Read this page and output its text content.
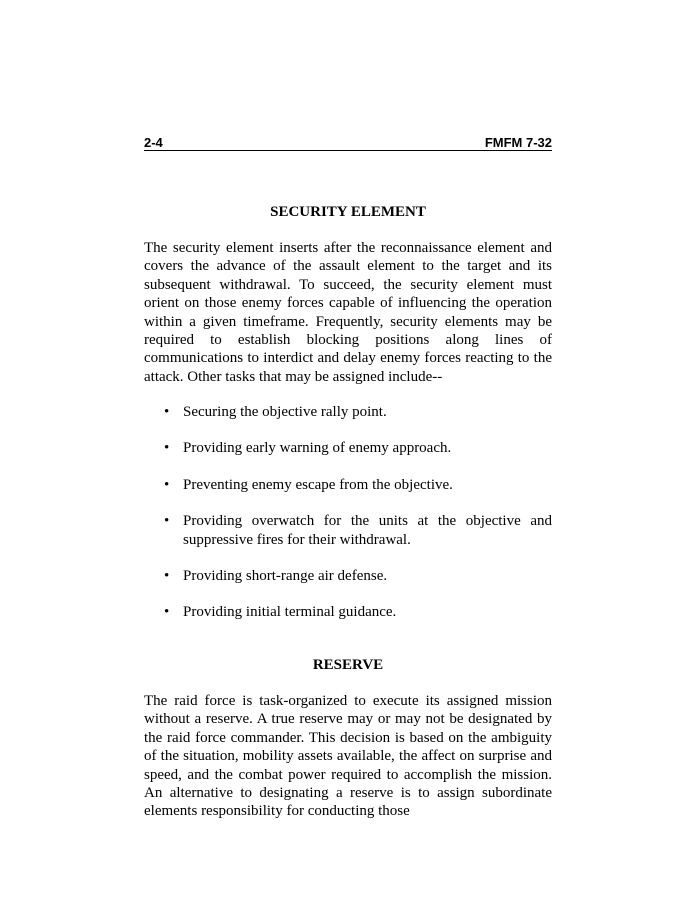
2-4	FMFM 7-32
SECURITY ELEMENT

The security element inserts after the reconnaissance element and covers the advance of the assault element to the target and its subsequent withdrawal. To succeed, the security element must orient on those enemy forces capable of influencing the operation within a given timeframe. Frequently, security elements may be required to establish blocking positions along lines of communications to interdict and delay enemy forces reacting to the attack. Other tasks that may be assigned include--

• Securing the objective rally point.
• Providing early warning of enemy approach.
• Preventing enemy escape from the objective.
• Providing overwatch for the units at the objective and suppressive fires for their withdrawal.
• Providing short-range air defense.
• Providing initial terminal guidance.
RESERVE

The raid force is task-organized to execute its assigned mission without a reserve. A true reserve may or may not be designated by the raid force commander. This decision is based on the ambiguity of the situation, mobility assets available, the affect on surprise and speed, and the combat power required to accomplish the mission. An alternative to designating a reserve is to assign subordinate elements responsibility for conducting those
